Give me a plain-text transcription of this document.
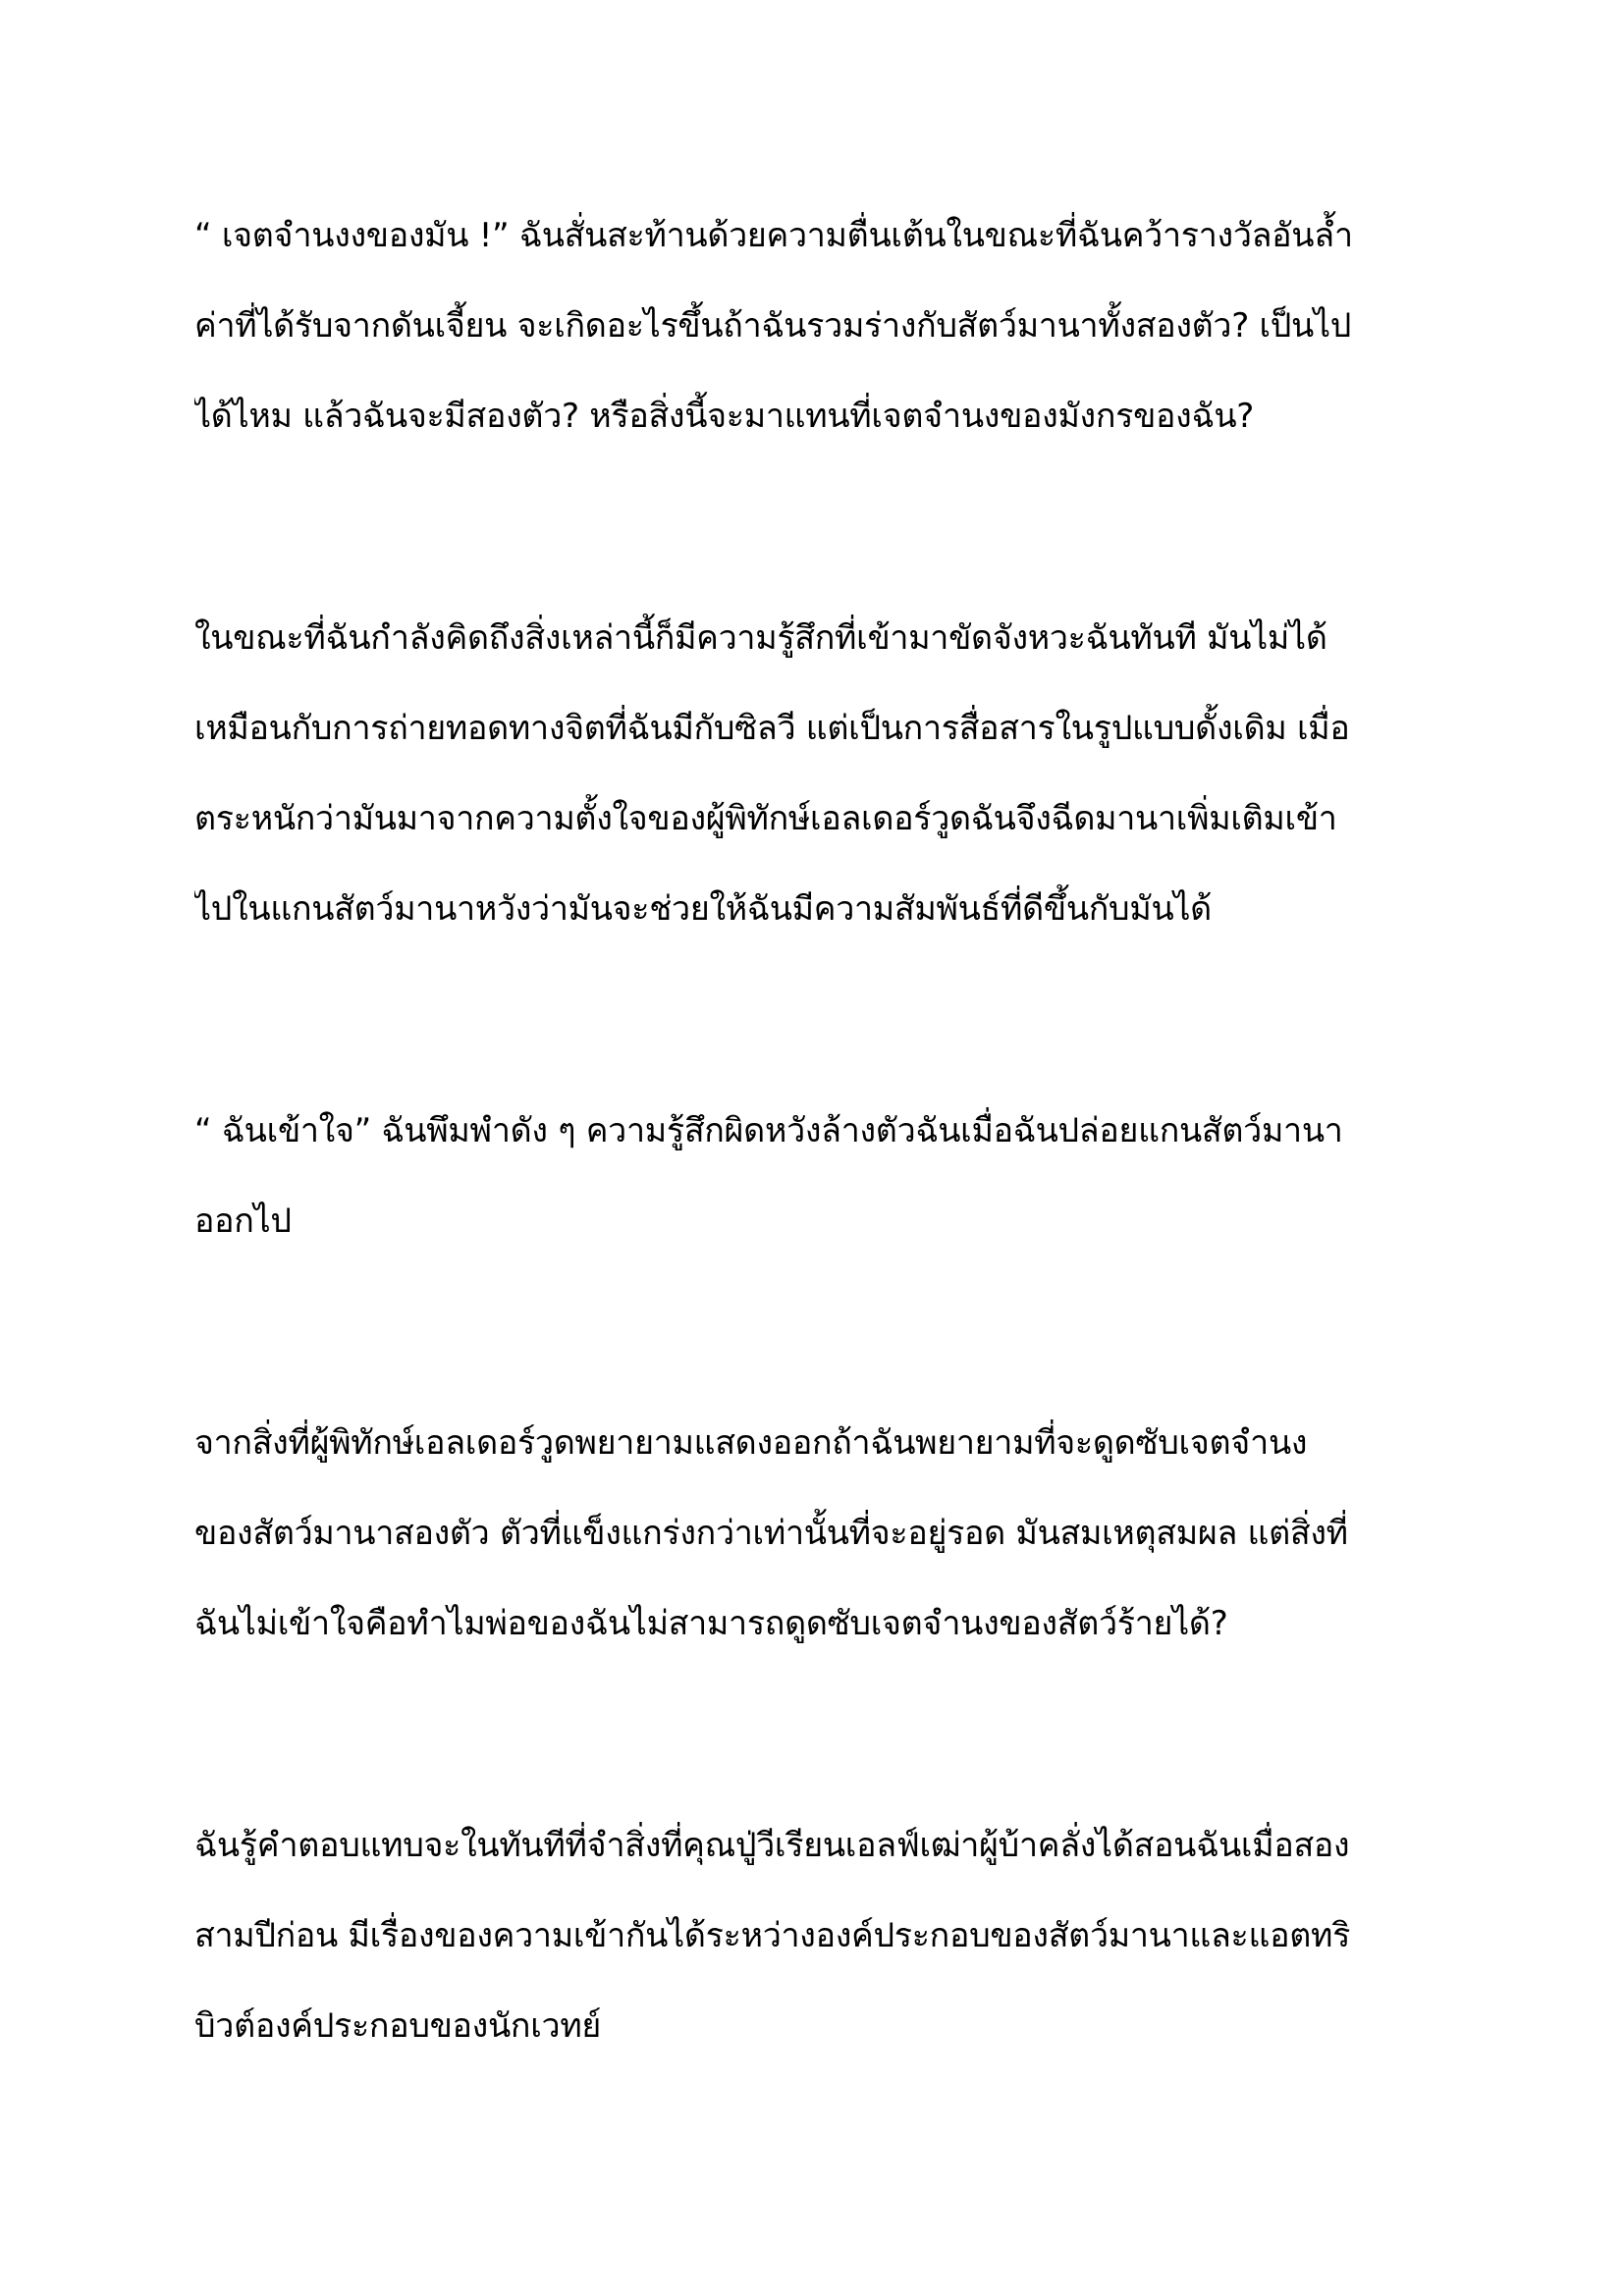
“ เจตจำนงงของมัน !” ฉันสั่นสะท้านด้วยความตื่นเต้นในขณะที่ฉันคว้ารางวัลอันล้ำ
ค่าที่ได้รับจากดันเจี้ยน จะเกิดอะไรขึ้นถ้าฉันรวมร่างกับสัตว์มานาทั้งสองตัว? เป็นไป
ได้ไหม แล้วฉันจะมีสองตัว? หรือสิ่งนี้จะมาแทนที่เจตจำนงของมังกรของฉัน?
ในขณะที่ฉันกำลังคิดถึงสิ่งเหล่านี้ก็มีความรู้สึกที่เข้ามาขัดจังหวะฉันทันที มันไม่ได้
เหมือนกับการถ่ายทอดทางจิตที่ฉันมีกับซิลวี แต่เป็นการสื่อสารในรูปแบบดั้งเดิม เมื่อ
ตระหนักว่ามันมาจากความตั้งใจของผู้พิทักษ์เอลเดอร์วูดฉันจึงฉีดมานาเพิ่มเติมเข้า
ไปในแกนสัตว์มานาหวังว่ามันจะช่วยให้ฉันมีความสัมพันธ์ที่ดีขึ้นกับมันได้
“ ฉันเข้าใจ” ฉันพึมพำดัง ๆ ความรู้สึกผิดหวังล้างตัวฉันเมื่อฉันปล่อยแกนสัตว์มานา
ออกไป
จากสิ่งที่ผู้พิทักษ์เอลเดอร์วูดพยายามแสดงออกถ้าฉันพยายามที่จะดูดซับเจตจำนง
ของสัตว์มานาสองตัว ตัวที่แข็งแกร่งกว่าเท่านั้นที่จะอยู่รอด มันสมเหตุสมผล แต่สิ่งที่
ฉันไม่เข้าใจคือทำไมพ่อของฉันไม่สามารถดูดซับเจตจำนงของสัตว์ร้ายได้?
ฉันรู้คำตอบแทบจะในทันทีที่จำสิ่งที่คุณปู่วีเรียนเอลฟ์เฒ่าผู้บ้าคลั่งได้สอนฉันเมื่อสอง
สามปีก่อน มีเรื่องของความเข้ากันได้ระหว่างองค์ประกอบของสัตว์มานาและแอตทริ
บิวต์องค์ประกอบของนักเวทย์
